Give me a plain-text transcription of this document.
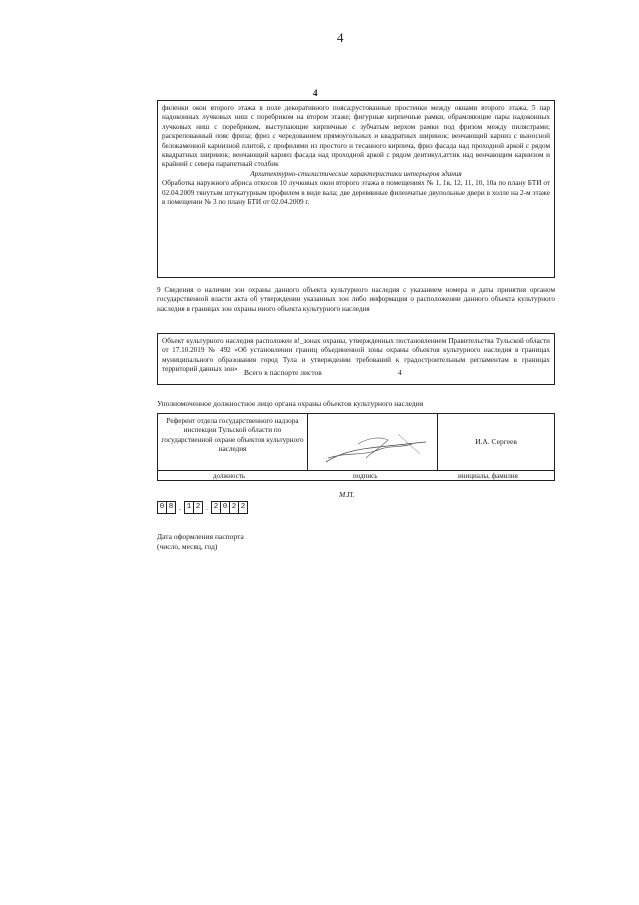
4
4

филенки окон второго этажа в поле декоративного пояса;рустованные простенки между окнами второго этажа, 5 пар надоконных лучковых ниш с поребриком на втором этаже; фигурные кирпичные рамки, обрамляющие пары надоконных лучковых ниш с поребриком, выступающие кирпичные с зубчатым верхом рамки под фризом между пилястрами; раскрепованный пояс фриза; фриз с чередованием прямоугольных и квадратных ширинок; венчающий карниз с выносной белокаменной карнизной плитой, с профилями из простого и тесанного кирпича, фриз фасада над проходной аркой с рядом квадратных ширинок; венчающий карниз фасада над проходной аркой с рядом дентикул,аттик над венчающим карнизом и крайний с севера парапетный столбик

Архитектурно-стилистические характеристики интерьеров здания

Обработка наружного абриса откосов 10 лучковых окон второго этажа в помещениях № 1, 1в, 12, 11, 10, 10а по плану БТИ от 02.04.2009 тянутым штукатурным профилем в виде вала; две деревянные филенчатые двупольные двери в холле на 2-м этаже в помещении № 3 по плану БТИ от 02.04.2009 г.

9 Сведения о наличии зон охраны данного объекта культурного наследия с указанием номера и даты принятия органом государственной власти акта об утверждении указанных зон либо информация о расположении данного объекта культурного наследия в границах зон охраны иного объекта культурного наследия
Объект культурного наследия расположен в!_зонах охраны, утвержденных постановлением Правительства Тульской области от 17.10.2019 № 492 «Об установлении границ объединенной зоны охраны объектов культурного наследия в границах муниципального образования город Тула и утверждении требований к градостроительным регламентам в границах территорий данных зон» Всего в паспорте листов	4
Уполномоченное должностное лицо органа охраны объектов культурного наследия
Референт отдела государственного надзора инспекции Тульской области по государственной охране объектов культурного наследия
И.А. Сергеев
должность	подпись	инициалы, фамилия
М.П.
0 8 . 1 2 . 2 0 2 2
Дата оформления паспорта
(число, месяц, год)
